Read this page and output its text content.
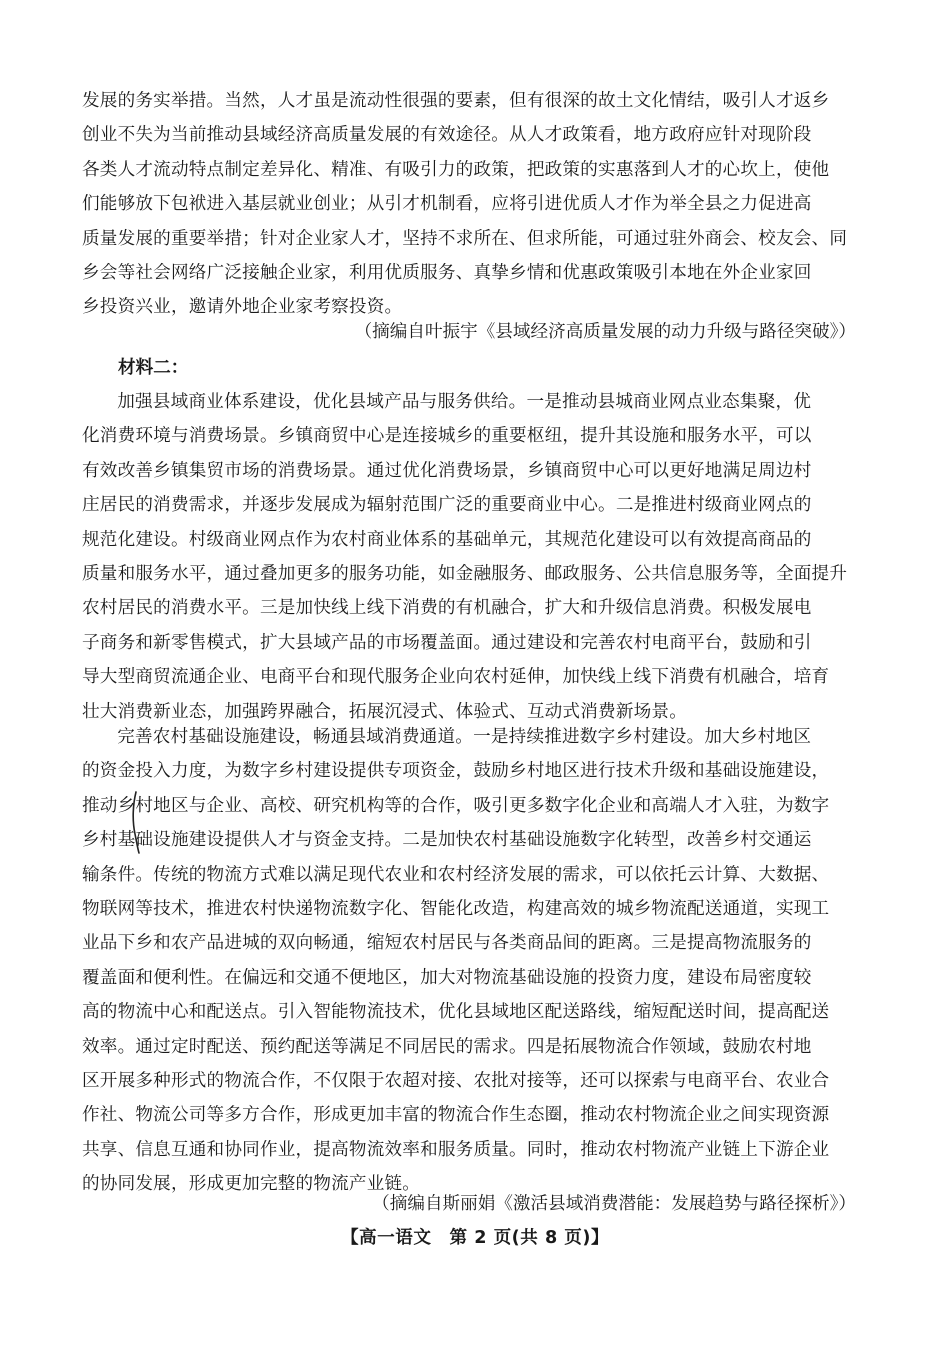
发展的务实举措。当然，人才虽是流动性很强的要素，但有很深的故土文化情结，吸引人才返乡
创业不失为当前推动县域经济高质量发展的有效途径。从人才政策看，地方政府应针对现阶段
各类人才流动特点制定差异化、精准、有吸引力的政策，把政策的实惠落到人才的心坎上，使他
们能够放下包袱进入基层就业创业；从引才机制看，应将引进优质人才作为举全县之力促进高
质量发展的重要举措；针对企业家人才，坚持不求所在、但求所能，可通过驻外商会、校友会、同
乡会等社会网络广泛接触企业家，利用优质服务、真挚乡情和优惠政策吸引本地在外企业家回
乡投资兴业，邀请外地企业家考察投资。
（摘编自叶振宇《县域经济高质量发展的动力升级与路径突破》）
材料二：
加强县域商业体系建设，优化县域产品与服务供给。一是推动县城商业网点业态集聚，优
化消费环境与消费场景。乡镇商贸中心是连接城乡的重要枢纽，提升其设施和服务水平，可以
有效改善乡镇集贸市场的消费场景。通过优化消费场景，乡镇商贸中心可以更好地满足周边村
庄居民的消费需求，并逐步发展成为辐射范围广泛的重要商业中心。二是推进村级商业网点的
规范化建设。村级商业网点作为农村商业体系的基础单元，其规范化建设可以有效提高商品的
质量和服务水平，通过叠加更多的服务功能，如金融服务、邮政服务、公共信息服务等，全面提升
农村居民的消费水平。三是加快线上线下消费的有机融合，扩大和升级信息消费。积极发展电
子商务和新零售模式，扩大县域产品的市场覆盖面。通过建设和完善农村电商平台，鼓励和引
导大型商贸流通企业、电商平台和现代服务企业向农村延伸，加快线上线下消费有机融合，培育
壮大消费新业态，加强跨界融合，拓展沉浸式、体验式、互动式消费新场景。
完善农村基础设施建设，畅通县域消费通道。一是持续推进数字乡村建设。加大乡村地区
的资金投入力度，为数字乡村建设提供专项资金，鼓励乡村地区进行技术升级和基础设施建设，
推动乡村地区与企业、高校、研究机构等的合作，吸引更多数字化企业和高端人才入驻，为数字
乡村基础设施建设提供人才与资金支持。二是加快农村基础设施数字化转型，改善乡村交通运
输条件。传统的物流方式难以满足现代农业和农村经济发展的需求，可以依托云计算、大数据、
物联网等技术，推进农村快递物流数字化、智能化改造，构建高效的城乡物流配送通道，实现工
业品下乡和农产品进城的双向畅通，缩短农村居民与各类商品间的距离。三是提高物流服务的
覆盖面和便利性。在偏远和交通不便地区，加大对物流基础设施的投资力度，建设布局密度较
高的物流中心和配送点。引入智能物流技术，优化县域地区配送路线，缩短配送时间，提高配送
效率。通过定时配送、预约配送等满足不同居民的需求。四是拓展物流合作领域，鼓励农村地
区开展多种形式的物流合作，不仅限于农超对接、农批对接等，还可以探索与电商平台、农业合
作社、物流公司等多方合作，形成更加丰富的物流合作生态圈，推动农村物流企业之间实现资源
共享、信息互通和协同作业，提高物流效率和服务质量。同时，推动农村物流产业链上下游企业
的协同发展，形成更加完整的物流产业链。
（摘编自斯丽娟《激活县域消费潜能：发展趋势与路径探析》）
【高一语文　第 2 页(共 8 页)】
